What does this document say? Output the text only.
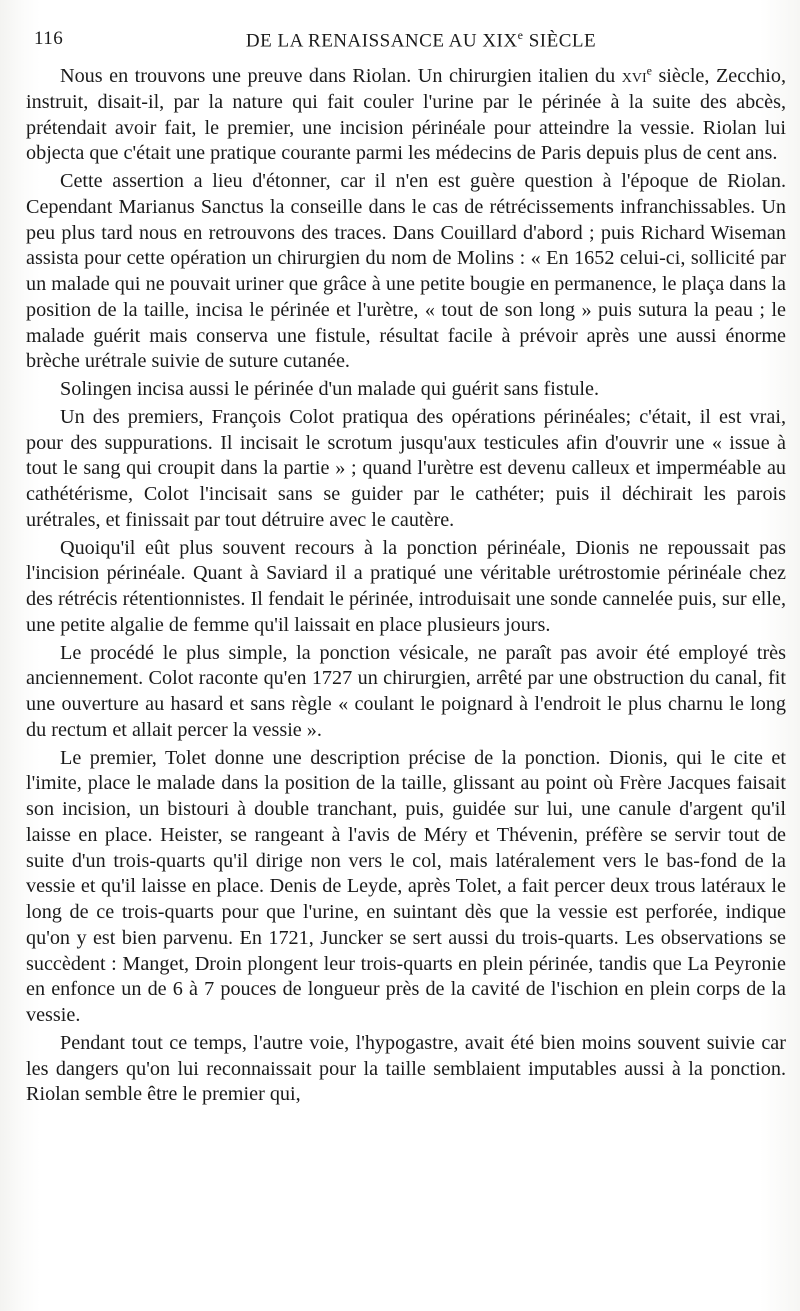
116	DE LA RENAISSANCE AU XIXe SIÈCLE

Nous en trouvons une preuve dans Riolan. Un chirurgien italien du xvi$^e$ siècle, Zecchio, instruit, disait-il, par la nature qui fait couler l'urine par le périnée à la suite des abcès, prétendait avoir fait, le premier, une incision périnéale pour atteindre la vessie. Riolan lui objecta que c'était une pratique courante parmi les médecins de Paris depuis plus de cent ans.

Cette assertion a lieu d'étonner, car il n'en est guère question à l'époque de Riolan. Cependant Marianus Sanctus la conseille dans le cas de rétrécissements infranchissables. Un peu plus tard nous en retrouvons des traces. Dans Couillard d'abord ; puis Richard Wiseman assista pour cette opération un chirurgien du nom de Molins : « En 1652 celui-ci, sollicité par un malade qui ne pouvait uriner que grâce à une petite bougie en permanence, le plaça dans la position de la taille, incisa le périnée et l'urètre, « tout de son long » puis sutura la peau ; le malade guérit mais conserva une fistule, résultat facile à prévoir après une aussi énorme brèche urétrale suivie de suture cutanée.

Solingen incisa aussi le périnée d'un malade qui guérit sans fistule.

Un des premiers, François Colot pratiqua des opérations périnéales; c'était, il est vrai, pour des suppurations. Il incisait le scrotum jusqu'aux testicules afin d'ouvrir une « issue à tout le sang qui croupit dans la partie » ; quand l'urètre est devenu calleux et imperméable au cathétérisme, Colot l'incisait sans se guider par le cathéter; puis il déchirait les parois urétrales, et finissait par tout détruire avec le cautère.

Quoiqu'il eût plus souvent recours à la ponction périnéale, Dionis ne repoussait pas l'incision périnéale. Quant à Saviard il a pratiqué une véritable urétrostomie périnéale chez des rétrécis rétentionnistes. Il fendait le périnée, introduisait une sonde cannelée puis, sur elle, une petite algalie de femme qu'il laissait en place plusieurs jours.

Le procédé le plus simple, la ponction vésicale, ne paraît pas avoir été employé très anciennement. Colot raconte qu'en 1727 un chirurgien, arrêté par une obstruction du canal, fit une ouverture au hasard et sans règle « coulant le poignard à l'endroit le plus charnu le long du rectum et allait percer la vessie ».

Le premier, Tolet donne une description précise de la ponction. Dionis, qui le cite et l'imite, place le malade dans la position de la taille, glissant au point où Frère Jacques faisait son incision, un bistouri à double tranchant, puis, guidée sur lui, une canule d'argent qu'il laisse en place. Heister, se rangeant à l'avis de Méry et Thévenin, préfère se servir tout de suite d'un trois-quarts qu'il dirige non vers le col, mais latéralement vers le bas-fond de la vessie et qu'il laisse en place. Denis de Leyde, après Tolet, a fait percer deux trous latéraux le long de ce trois-quarts pour que l'urine, en suintant dès que la vessie est perforée, indique qu'on y est bien parvenu. En 1721, Juncker se sert aussi du trois-quarts. Les observations se succèdent : Manget, Droin plongent leur trois-quarts en plein périnée, tandis que La Peyronie en enfonce un de 6 à 7 pouces de longueur près de la cavité de l'ischion en plein corps de la vessie.

Pendant tout ce temps, l'autre voie, l'hypogastre, avait été bien moins souvent suivie car les dangers qu'on lui reconnaissait pour la taille semblaient imputables aussi à la ponction. Riolan semble être le premier qui,
